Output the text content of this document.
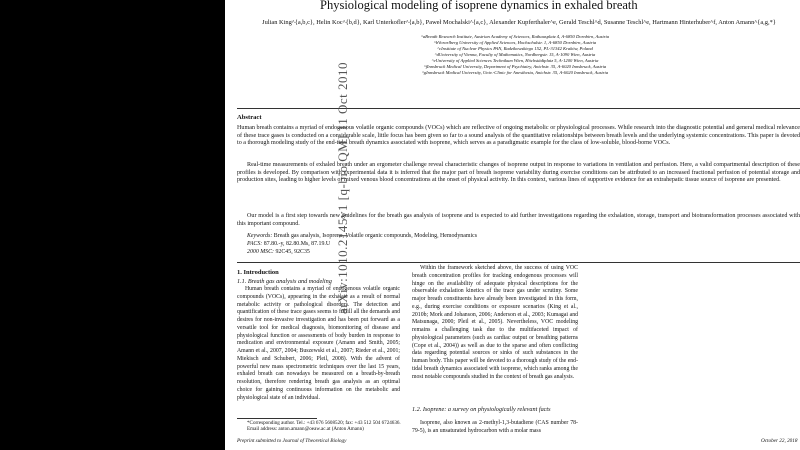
Physiological modeling of isoprene dynamics in exhaled breath
Julian King^{a,b,c}, Helin Koc^{b,d}, Karl Unterkofler^{a,b}, Paweł Mochalski^{a,c}, Alexander Kupferthaler^e, Gerald Teschl^d, Susanne Teschl^e, Hartmann Hinterhuber^f, Anton Amann^{a,g,*}
^aBreath Research Institute, Austrian Academy of Sciences, Rathausplatz 4, A-6850 Dornbirn, Austria
^bVorarlberg University of Applied Sciences, Hochschulstr. 1, A-6850 Dornbirn, Austria
^cInstitute of Nuclear Physics PAN, Radzikowskiego 152, PL-31342 Kraków, Poland
^dUniversity of Vienna, Faculty of Mathematics, Nordbergstr. 15, A-1090 Wien, Austria
^eUniversity of Applied Sciences Technikum Wien, Höchstädtplatz 5, A-1200 Wien, Austria
^fInnsbruck Medical University, Department of Psychiatry, Anichstr. 35, A-6020 Innsbruck, Austria
^gInnsbruck Medical University, Univ.-Clinic for Anesthesia, Anichstr. 35, A-6020 Innsbruck, Austria
Abstract
Human breath contains a myriad of endogenous volatile organic compounds (VOCs) which are reflective of ongoing metabolic or physiological processes. While research into the diagnostic potential and general medical relevance of these trace gases is conducted on a considerable scale, little focus has been given so far to a sound analysis of the quantitative relationships between breath levels and the underlying systemic concentrations. This paper is devoted to a thorough modeling study of the end-tidal breath dynamics associated with isoprene, which serves as a paradigmatic example for the class of low-soluble, blood-borne VOCs.
Real-time measurements of exhaled breath under an ergometer challenge reveal characteristic changes of isoprene output in response to variations in ventilation and perfusion. Here, a valid compartmental description of these profiles is developed. By comparison with experimental data it is inferred that the major part of breath isoprene variability during exercise conditions can be attributed to an increased fractional perfusion of potential storage and production sites, leading to higher levels of mixed venous blood concentrations at the onset of physical activity. In this context, various lines of supportive evidence for an extrahepatic tissue source of isoprene are presented.
Our model is a first step towards new guidelines for the breath gas analysis of isoprene and is expected to aid further investigations regarding the exhalation, storage, transport and biotransformation processes associated with this important compound.
Keywords: Breath gas analysis, Isoprene, Volatile organic compounds, Modeling, Hemodynamics
PACS: 87.80.-y, 82.80.Ms, 87.19.U
2000 MSC: 92C45, 92C35
1. Introduction
1.1. Breath gas analysis and modeling
Human breath contains a myriad of endogenous volatile organic compounds (VOCs), appearing in the exhalate as a result of normal metabolic activity or pathological disorders. The detection and quantification of these trace gases seems to fulfill all the demands and desires for non-invasive investigation and has been put forward as a versatile tool for medical diagnosis, biomonitoring of disease and physiological function or assessments of body burden in response to medication and environmental exposure (Amann and Smith, 2005; Amann et al., 2007, 2004; Buszewski et al., 2007; Rieder et al., 2001; Miekisch and Schubert, 2006; Pleil, 2008). With the advent of powerful new mass spectrometric techniques over the last 15 years, exhaled breath can nowadays be measured on a breath-by-breath resolution, therefore rendering breath gas analysis as an optimal choice for gaining continuous information on the metabolic and physiological state of an individual.
Within the framework sketched above, the success of using VOC breath concentration profiles for tracking endogenous processes will hinge on the availability of adequate physical descriptions for the observable exhalation kinetics of the trace gas under scrutiny. Some major breath constituents have already been investigated in this form, e.g., during exercise conditions or exposure scenarios (King et al., 2010b; Mork and Johanson, 2006; Anderson et al., 2003; Kumagai and Matsunaga, 2000; Pleil et al., 2005). Nevertheless, VOC modeling remains a challenging task due to the multifaceted impact of physiological parameters (such as cardiac output or breathing patterns (Cope et al., 2004)) as well as due to the sparse and often conflicting data regarding potential sources or sinks of such substances in the human body. This paper will be devoted to a thorough study of the end-tidal breath dynamics associated with isoprene, which ranks among the most notable compounds studied in the context of breath gas analysis.
1.2. Isoprene: a survey on physiologically relevant facts
Isoprene, also known as 2-methyl-1,3-butadiene (CAS number 78-79-5), is an unsaturated hydrocarbon with a molar mass
*Corresponding author. Tel.: +43 676 5608520; fax: +43 512 504 6724636.
Email address: anton.amann@oeaw.ac.at (Anton Amann)
Preprint submitted to Journal of Theoretical Biology	October 22, 2018
arXiv:1010.2145v1 [q-bio.QM] 11 Oct 2010
